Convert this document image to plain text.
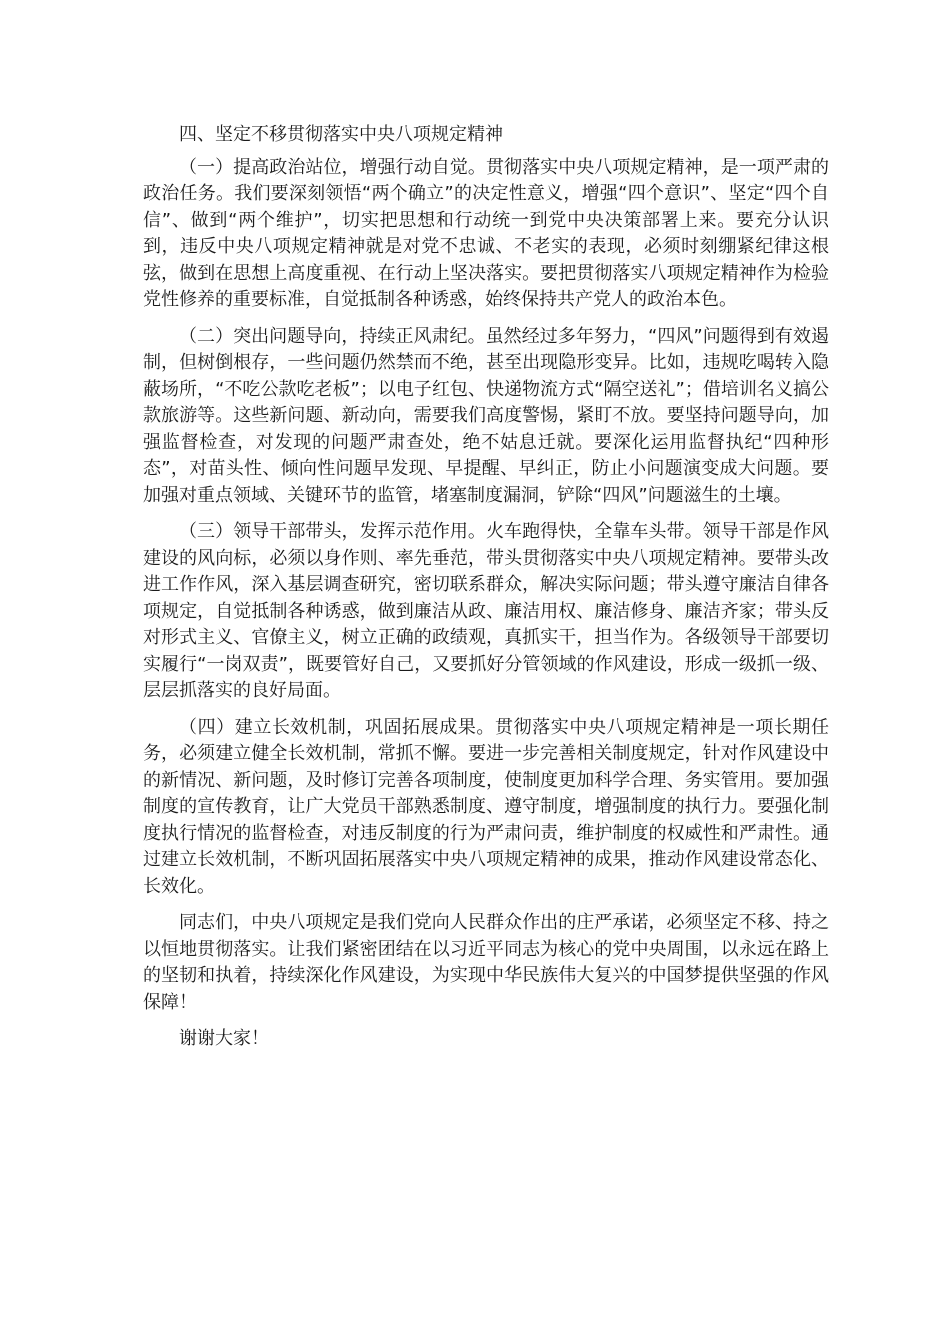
四、坚定不移贯彻落实中央八项规定精神

（一）提高政治站位，增强行动自觉。贯彻落实中央八项规定精神，是一项严肃的政治任务。我们要深刻领悟“两个确立”的决定性意义，增强“四个意识”、坚定“四个自信”、做到“两个维护”，切实把思想和行动统一到党中央决策部署上来。要充分认识到，违反中央八项规定精神就是对党不忠诚、不老实的表现，必须时刻绷紧纪律这根弦，做到在思想上高度重视、在行动上坚决落实。要把贯彻落实八项规定精神作为检验党性修养的重要标准，自觉抵制各种诱惑，始终保持共产党人的政治本色。

（二）突出问题导向，持续正风肃纪。虽然经过多年努力，“四风”问题得到有效遏制，但树倒根存，一些问题仍然禁而不绝，甚至出现隐形变异。比如，违规吃喝转入隐蔽场所，“不吃公款吃老板”；以电子红包、快递物流方式“隔空送礼”；借培训名义搞公款旅游等。这些新问题、新动向，需要我们高度警惕，紧盯不放。要坚持问题导向，加强监督检查，对发现的问题严肃查处，绝不姑息迁就。要深化运用监督执纪“四种形态”，对苗头性、倾向性问题早发现、早提醒、早纠正，防止小问题演变成大问题。要加强对重点领域、关键环节的监管，堵塞制度漏洞，铲除“四风”问题滋生的土壤。

（三）领导干部带头，发挥示范作用。火车跑得快，全靠车头带。领导干部是作风建设的风向标，必须以身作则、率先垂范，带头贯彻落实中央八项规定精神。要带头改进工作作风，深入基层调查研究，密切联系群众，解决实际问题；带头遵守廉洁自律各项规定，自觉抵制各种诱惑，做到廉洁从政、廉洁用权、廉洁修身、廉洁齐家；带头反对形式主义、官僚主义，树立正确的政绩观，真抓实干，担当作为。各级领导干部要切实履行“一岗双责”，既要管好自己，又要抓好分管领域的作风建设，形成一级抓一级、层层抓落实的良好局面。

（四）建立长效机制，巩固拓展成果。贯彻落实中央八项规定精神是一项长期任务，必须建立健全长效机制，常抓不懈。要进一步完善相关制度规定，针对作风建设中的新情况、新问题，及时修订完善各项制度，使制度更加科学合理、务实管用。要加强制度的宣传教育，让广大党员干部熟悉制度、遵守制度，增强制度的执行力。要强化制度执行情况的监督检查，对违反制度的行为严肃问责，维护制度的权威性和严肃性。通过建立长效机制，不断巩固拓展落实中央八项规定精神的成果，推动作风建设常态化、长效化。

同志们，中央八项规定是我们党向人民群众作出的庄严承诺，必须坚定不移、持之以恒地贯彻落实。让我们紧密团结在以习近平同志为核心的党中央周围，以永远在路上的坚韧和执着，持续深化作风建设，为实现中华民族伟大复兴的中国梦提供坚强的作风保障！

谢谢大家！
